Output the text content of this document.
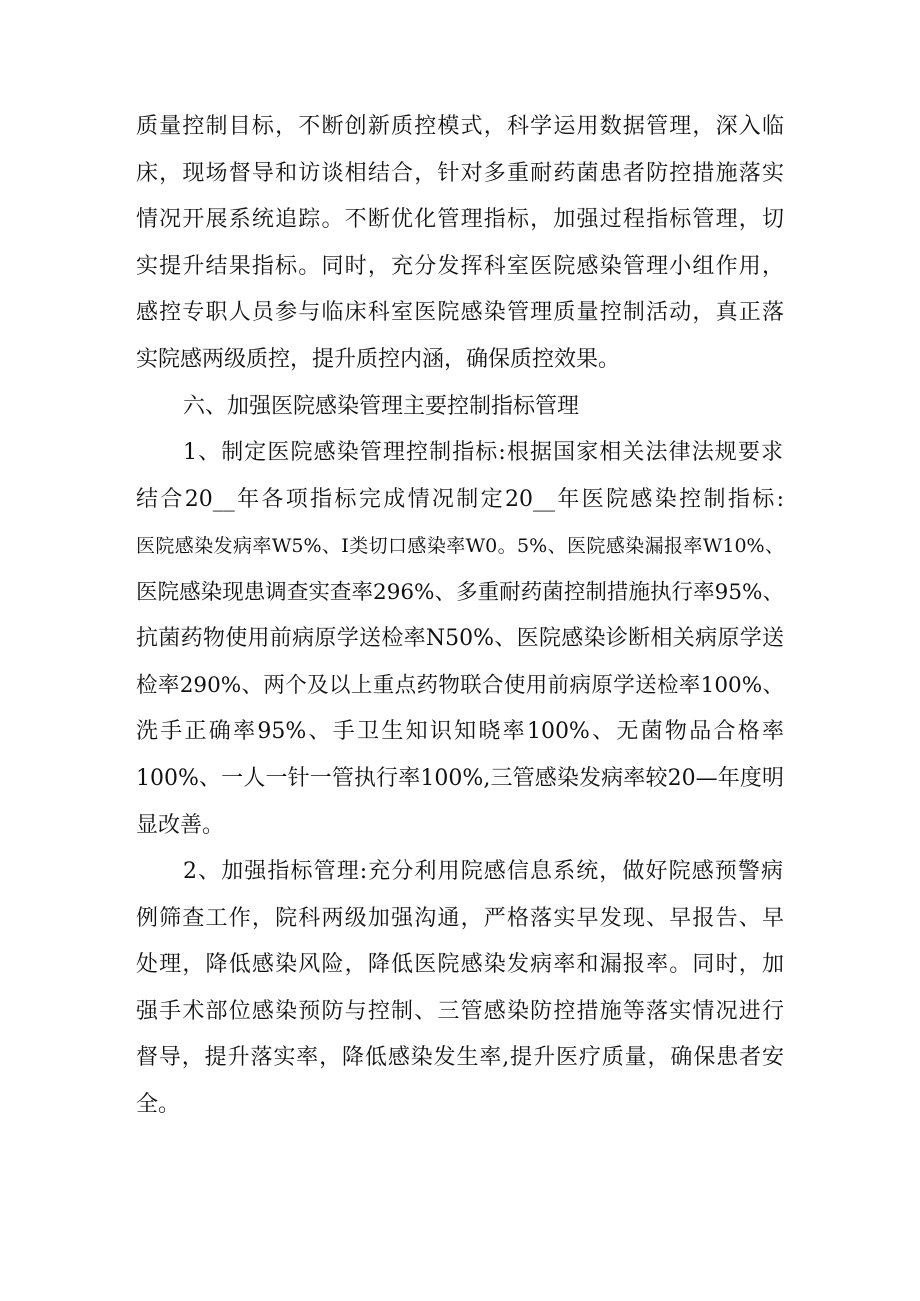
质量控制目标，不断创新质控模式，科学运用数据管理，深入临
床，现场督导和访谈相结合，针对多重耐药菌患者防控措施落实
情况开展系统追踪。不断优化管理指标，加强过程指标管理，切
实提升结果指标。同时，充分发挥科室医院感染管理小组作用，
感控专职人员参与临床科室医院感染管理质量控制活动，真正落
实院感两级质控，提升质控内涵，确保质控效果。
六、加强医院感染管理主要控制指标管理
1、制定医院感染管理控制指标:根据国家相关法律法规要求
结合20__年各项指标完成情况制定20__年医院感染控制指标:
医院感染发病率W5%、I类切口感染率W0。5%、医院感染漏报率W10%、
医院感染现患调查实查率296%、多重耐药菌控制措施执行率95%、
抗菌药物使用前病原学送检率N50%、医院感染诊断相关病原学送
检率290%、两个及以上重点药物联合使用前病原学送检率100%、
洗手正确率95%、手卫生知识知晓率100%、无菌物品合格率
100%、一人一针一管执行率100%,三管感染发病率较20—年度明
显改善。
2、加强指标管理:充分利用院感信息系统，做好院感预警病
例筛查工作，院科两级加强沟通，严格落实早发现、早报告、早
处理，降低感染风险，降低医院感染发病率和漏报率。同时，加
强手术部位感染预防与控制、三管感染防控措施等落实情况进行
督导，提升落实率，降低感染发生率,提升医疗质量，确保患者安
全。
